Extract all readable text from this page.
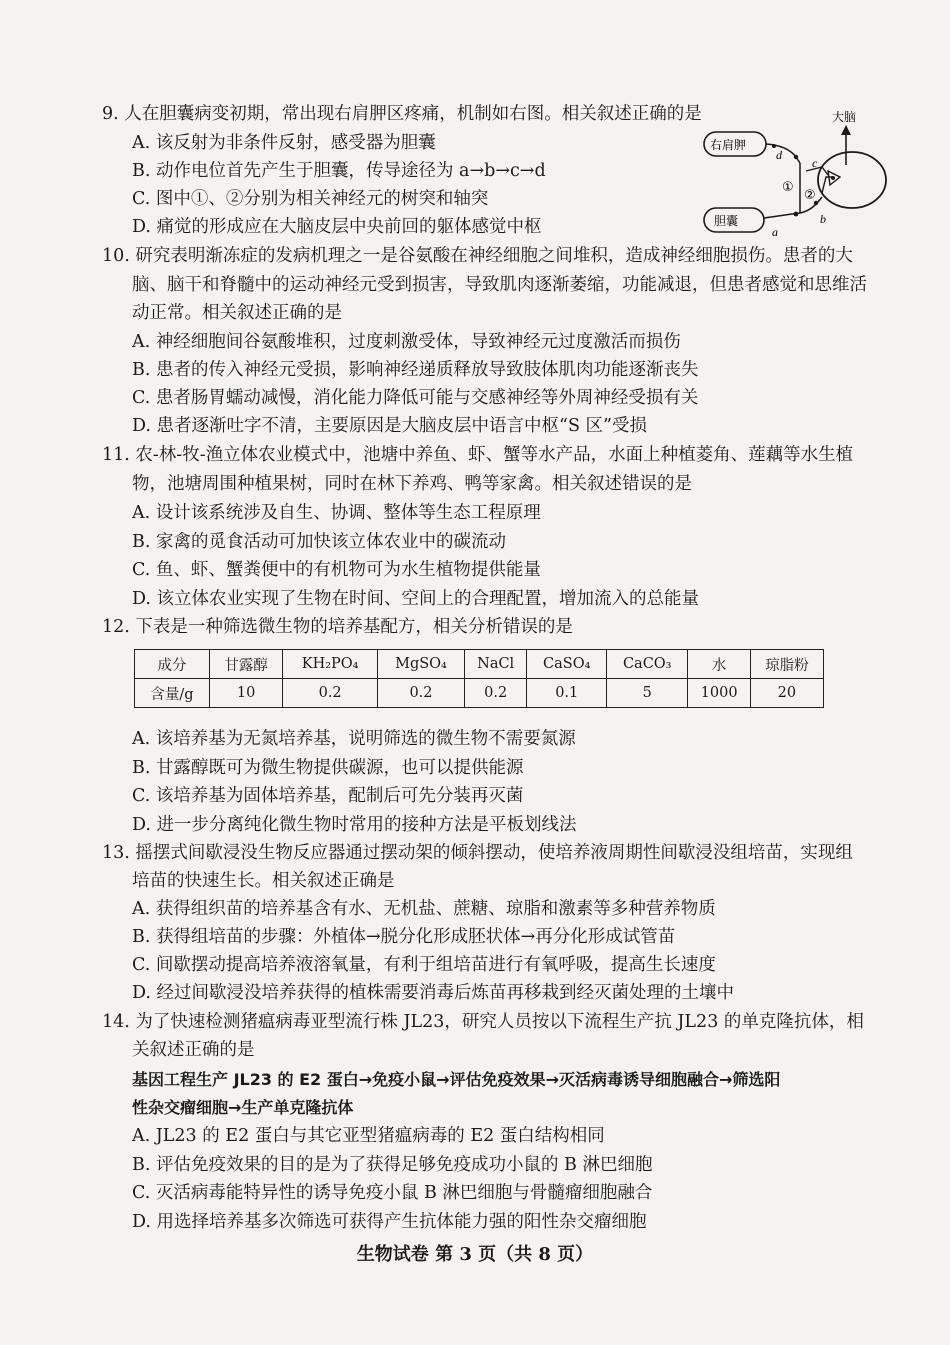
9. 人在胆囊病变初期，常出现右肩胛区疼痛，机制如右图。相关叙述正确的是
A. 该反射为非条件反射，感受器为胆囊
B. 动作电位首先产生于胆囊，传导途径为 a→b→c→d
C. 图中①、②分别为相关神经元的树突和轴突
D. 痛觉的形成应在大脑皮层中央前回的躯体感觉中枢
大脑
右肩胛
胆囊
d
c
b
a
①
②
10. 研究表明渐冻症的发病机理之一是谷氨酸在神经细胞之间堆积，造成神经细胞损伤。患者的大
脑、脑干和脊髓中的运动神经元受到损害，导致肌肉逐渐萎缩，功能减退，但患者感觉和思维活
动正常。相关叙述正确的是
A. 神经细胞间谷氨酸堆积，过度刺激受体，导致神经元过度激活而损伤
B. 患者的传入神经元受损，影响神经递质释放导致肢体肌肉功能逐渐丧失
C. 患者肠胃蠕动减慢，消化能力降低可能与交感神经等外周神经受损有关
D. 患者逐渐吐字不清，主要原因是大脑皮层中语言中枢“S 区”受损
11. 农-林-牧-渔立体农业模式中，池塘中养鱼、虾、蟹等水产品，水面上种植菱角、莲藕等水生植
物，池塘周围种植果树，同时在林下养鸡、鸭等家禽。相关叙述错误的是
A. 设计该系统涉及自生、协调、整体等生态工程原理
B. 家禽的觅食活动可加快该立体农业中的碳流动
C. 鱼、虾、蟹粪便中的有机物可为水生植物提供能量
D. 该立体农业实现了生物在时间、空间上的合理配置，增加流入的总能量
12. 下表是一种筛选微生物的培养基配方，相关分析错误的是
成分	甘露醇	KH₂PO₄	MgSO₄	NaCl	CaSO₄	CaCO₃	水	琼脂粉
含量/g	10	0.2	0.2	0.2	0.1	5	1000	20
A. 该培养基为无氮培养基，说明筛选的微生物不需要氮源
B. 甘露醇既可为微生物提供碳源，也可以提供能源
C. 该培养基为固体培养基，配制后可先分装再灭菌
D. 进一步分离纯化微生物时常用的接种方法是平板划线法
13. 摇摆式间歇浸没生物反应器通过摆动架的倾斜摆动，使培养液周期性间歇浸没组培苗，实现组
培苗的快速生长。相关叙述正确是
A. 获得组织苗的培养基含有水、无机盐、蔗糖、琼脂和激素等多种营养物质
B. 获得组培苗的步骤：外植体→脱分化形成胚状体→再分化形成试管苗
C. 间歇摆动提高培养液溶氧量，有利于组培苗进行有氧呼吸，提高生长速度
D. 经过间歇浸没培养获得的植株需要消毒后炼苗再移栽到经灭菌处理的土壤中
14. 为了快速检测猪瘟病毒亚型流行株 JL23，研究人员按以下流程生产抗 JL23 的单克隆抗体，相
关叙述正确的是
基因工程生产 JL23 的 E2 蛋白→免疫小鼠→评估免疫效果→灭活病毒诱导细胞融合→筛选阳
性杂交瘤细胞→生产单克隆抗体
A. JL23 的 E2 蛋白与其它亚型猪瘟病毒的 E2 蛋白结构相同
B. 评估免疫效果的目的是为了获得足够免疫成功小鼠的 B 淋巴细胞
C. 灭活病毒能特异性的诱导免疫小鼠 B 淋巴细胞与骨髓瘤细胞融合
D. 用选择培养基多次筛选可获得产生抗体能力强的阳性杂交瘤细胞
生物试卷 第 3 页（共 8 页）
